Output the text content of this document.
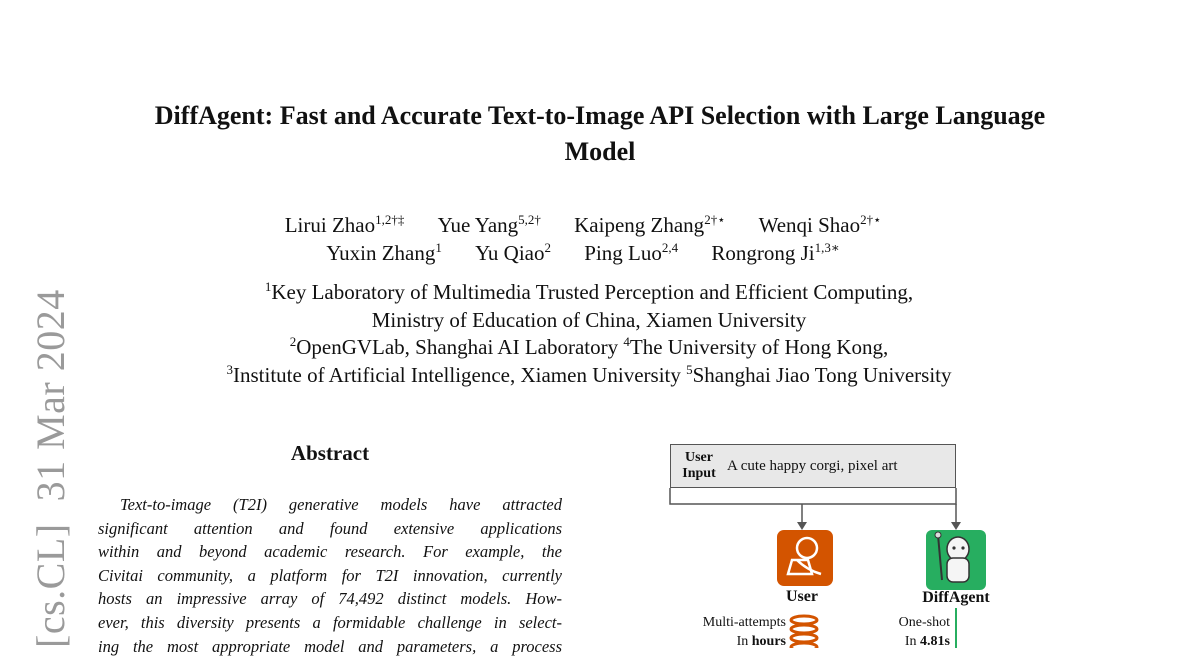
[cs.CL]
31 Mar 2024
DiffAgent: Fast and Accurate Text-to-Image API Selection with Large Language
Model
Lirui Zhao$^{1,2\dagger\ddagger}$ Yue Yang$^{5,2\dagger}$ Kaipeng Zhang$^{2\dagger⋆}$ Wenqi Shao$^{2\dagger⋆}$
Yuxin Zhang$^1$ Yu Qiao$^2$ Ping Luo$^{2,4}$ Rongrong $Ji^{1,3∗}$
$^1$Key Laboratory of Multimedia Trusted Perception and Efficient Computing,
Ministry of Education of China, Xiamen University
$^2$OpenGVLab, Shanghai AI Laboratory $^4$The University of Hong Kong,
$^3$Institute of Artificial Intelligence, Xiamen University $^5$Shanghai Jiao Tong University
Abstract
Text-to-image (T2I) generative models have attracted
significant attention and found extensive applications
within and beyond academic research. For example, the
Civitai community, a platform for T2I innovation, currently
hosts an impressive array of 74,492 distinct models. How-
ever, this diversity presents a formidable challenge in select-
ing the most appropriate model and parameters, a process
User
Input A cute happy corgi, pixel art
User	DiffAgent
Multi-attempts
In hours
One-shot
In 4.81s
